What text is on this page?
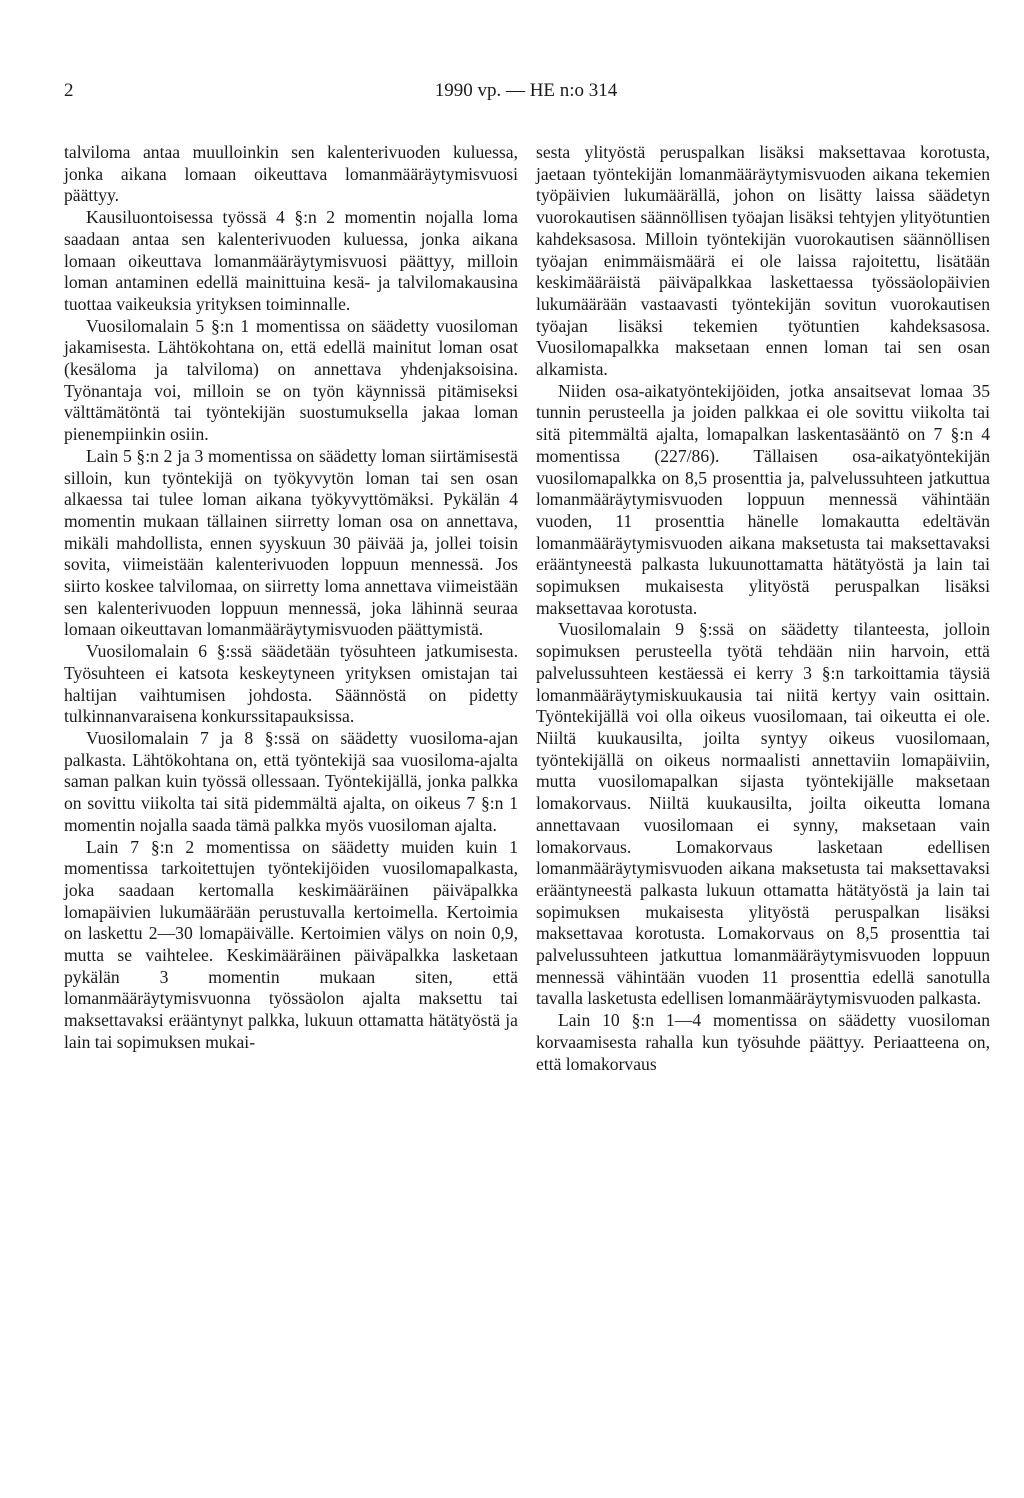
2	1990 vp. — HE n:o 314

talviloma antaa muulloinkin sen kalenterivuoden kuluessa, jonka aikana lomaan oikeuttava lomanmääräytymisvuosi päättyy.

Kausiluontoisessa työssä 4 §:n 2 momentin nojalla loma saadaan antaa sen kalenterivuoden kuluessa, jonka aikana lomaan oikeuttava lomanmääräytymisvuosi päättyy, milloin loman antaminen edellä mainittuina kesä- ja talvilomakausina tuottaa vaikeuksia yrityksen toiminnalle.

Vuosilomalain 5 §:n 1 momentissa on säädetty vuosiloman jakamisesta. Lähtökohtana on, että edellä mainitut loman osat (kesäloma ja talviloma) on annettava yhdenjaksoisina. Työnantaja voi, milloin se on työn käynnissä pitämiseksi välttämätöntä tai työntekijän suostumuksella jakaa loman pienempiinkin osiin.

Lain 5 §:n 2 ja 3 momentissa on säädetty loman siirtämisestä silloin, kun työntekijä on työkyvytön loman tai sen osan alkaessa tai tulee loman aikana työkyvyttömäksi. Pykälän 4 momentin mukaan tällainen siirretty loman osa on annettava, mikäli mahdollista, ennen syyskuun 30 päivää ja, jollei toisin sovita, viimeistään kalenterivuoden loppuun mennessä. Jos siirto koskee talvilomaa, on siirretty loma annettava viimeistään sen kalenterivuoden loppuun mennessä, joka lähinnä seuraa lomaan oikeuttavan lomanmääräytymisvuoden päättymistä.

Vuosilomalain 6 §:ssä säädetään työsuhteen jatkumisesta. Työsuhteen ei katsota keskeytyneen yrityksen omistajan tai haltijan vaihtumisen johdosta. Säännöstä on pidetty tulkinnanvaraisena konkurssitapauksissa.

Vuosilomalain 7 ja 8 §:ssä on säädetty vuosiloma-ajan palkasta. Lähtökohtana on, että työntekijä saa vuosiloma-ajalta saman palkan kuin työssä ollessaan. Työntekijällä, jonka palkka on sovittu viikolta tai sitä pidemmältä ajalta, on oikeus 7 §:n 1 momentin nojalla saada tämä palkka myös vuosiloman ajalta.

Lain 7 §:n 2 momentissa on säädetty muiden kuin 1 momentissa tarkoitettujen työntekijöiden vuosilomapalkasta, joka saadaan kertomalla keskimääräinen päiväpalkka lomapäivien lukumäärään perustuvalla kertoimella. Kertoimia on laskettu 2—30 lomapäivälle. Kertoimien välys on noin 0,9, mutta se vaihtelee. Keskimääräinen päiväpalkka lasketaan pykälän 3 momentin mukaan siten, että lomanmääräytymisvuonna työssäolon ajalta maksettu tai maksettavaksi erääntynyt palkka, lukuun ottamatta hätätyöstä ja lain tai sopimuksen mukai-

sesta ylityöstä peruspalkan lisäksi maksettavaa korotusta, jaetaan työntekijän lomanmääräytymisvuoden aikana tekemien työpäivien lukumäärällä, johon on lisätty laissa säädetyn vuorokautisen säännöllisen työajan lisäksi tehtyjen ylityötuntien kahdeksasosa. Milloin työntekijän vuorokautisen säännöllisen työajan enimmäismäärä ei ole laissa rajoitettu, lisätään keskimääräistä päiväpalkkaa laskettaessa työssäolopäivien lukumäärään vastaavasti työntekijän sovitun vuorokautisen työajan lisäksi tekemien työtuntien kahdeksasosa. Vuosilomapalkka maksetaan ennen loman tai sen osan alkamista.

Niiden osa-aikatyöntekijöiden, jotka ansaitsevat lomaa 35 tunnin perusteella ja joiden palkkaa ei ole sovittu viikolta tai sitä pitemmältä ajalta, lomapalkan laskentasääntö on 7 §:n 4 momentissa (227/86). Tällaisen osa-aikatyöntekijän vuosilomapalkka on 8,5 prosenttia ja, palvelussuhteen jatkuttua lomanmääräytymisvuoden loppuun mennessä vähintään vuoden, 11 prosenttia hänelle lomakautta edeltävän lomanmääräytymisvuoden aikana maksetusta tai maksettavaksi erääntyneestä palkasta lukuunottamatta hätätyöstä ja lain tai sopimuksen mukaisesta ylityöstä peruspalkan lisäksi maksettavaa korotusta.

Vuosilomalain 9 §:ssä on säädetty tilanteesta, jolloin sopimuksen perusteella työtä tehdään niin harvoin, että palvelussuhteen kestäessä ei kerry 3 §:n tarkoittamia täysiä lomanmääräytymiskuukausia tai niitä kertyy vain osittain. Työntekijällä voi olla oikeus vuosilomaan, tai oikeutta ei ole. Niiltä kuukausilta, joilta syntyy oikeus vuosilomaan, työntekijällä on oikeus normaalisti annettaviin lomapäiviin, mutta vuosilomapalkan sijasta työntekijälle maksetaan lomakorvaus. Niiltä kuukausilta, joilta oikeutta lomana annettavaan vuosilomaan ei synny, maksetaan vain lomakorvaus. Lomakorvaus lasketaan edellisen lomanmääräytymisvuoden aikana maksetusta tai maksettavaksi erääntyneestä palkasta lukuun ottamatta hätätyöstä ja lain tai sopimuksen mukaisesta ylityöstä peruspalkan lisäksi maksettavaa korotusta. Lomakorvaus on 8,5 prosenttia tai palvelussuhteen jatkuttua lomanmääräytymisvuoden loppuun mennessä vähintään vuoden 11 prosenttia edellä sanotulla tavalla lasketusta edellisen lomanmääräytymisvuoden palkasta.

Lain 10 §:n 1—4 momentissa on säädetty vuosiloman korvaamisesta rahalla kun työsuhde päättyy. Periaatteena on, että lomakorvaus
